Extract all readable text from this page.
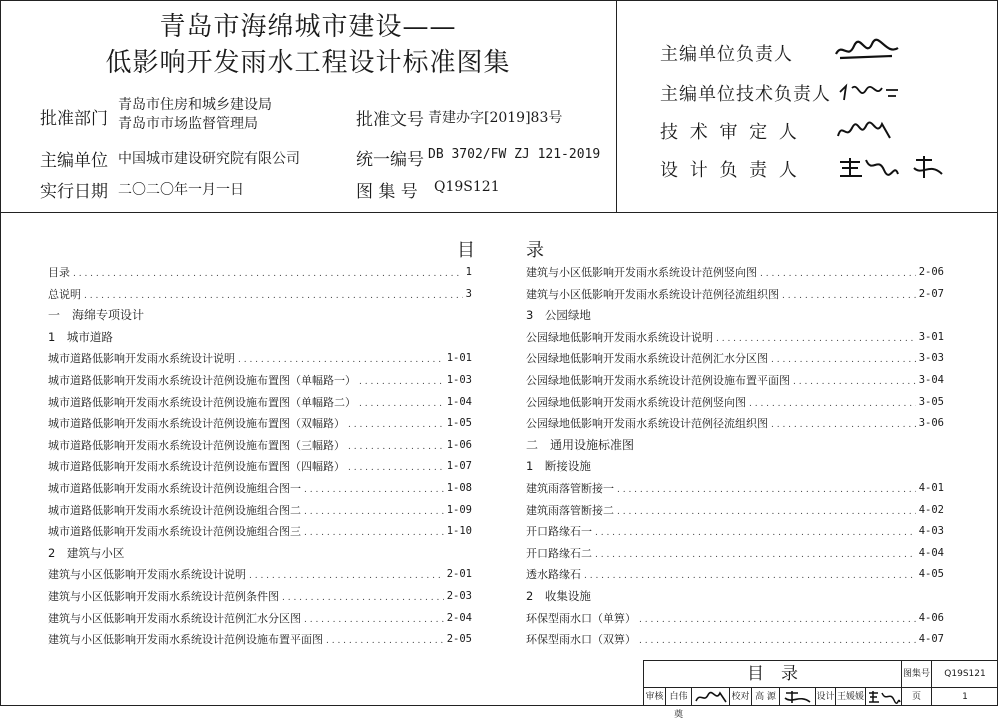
青岛市海绵城市建设——
低影响开发雨水工程设计标准图集
批准部门
青岛市住房和城乡建设局
青岛市市场监督管理局
主编单位 中国城市建设研究院有限公司
实行日期 二〇二〇年一月一日
批准文号 青建办字[2019]83号
统一编号 DB 3702/FW ZJ 121-2019
图 集 号 Q19S121
主编单位负责人
主编单位技术负责人
技 术 审 定 人
设 计 负 责 人
目	录
目录 . . .	1
总说明 . . .	3
一　海绵专项设计
1　城市道路
城市道路低影响开发雨水系统设计说明 . . .	1-01
城市道路低影响开发雨水系统设计范例设施布置图（单幅路一） . . .	1-03
城市道路低影响开发雨水系统设计范例设施布置图（单幅路二） . . .	1-04
城市道路低影响开发雨水系统设计范例设施布置图（双幅路） . . .	1-05
城市道路低影响开发雨水系统设计范例设施布置图（三幅路） . . .	1-06
城市道路低影响开发雨水系统设计范例设施布置图（四幅路） . . .	1-07
城市道路低影响开发雨水系统设计范例设施组合图一 . . .	1-08
城市道路低影响开发雨水系统设计范例设施组合图二 . . .	1-09
城市道路低影响开发雨水系统设计范例设施组合图三 . . .	1-10
2　建筑与小区
建筑与小区低影响开发雨水系统设计说明 . . .	2-01
建筑与小区低影响开发雨水系统设计范例条件图 . . .	2-03
建筑与小区低影响开发雨水系统设计范例汇水分区图 . . .	2-04
建筑与小区低影响开发雨水系统设计范例设施布置平面图 . . .	2-05
建筑与小区低影响开发雨水系统设计范例竖向图 . . .	2-06
建筑与小区低影响开发雨水系统设计范例径流组织图 . . .	2-07
3　公园绿地
公园绿地低影响开发雨水系统设计说明 . . .	3-01
公园绿地低影响开发雨水系统设计范例汇水分区图 . . .	3-03
公园绿地低影响开发雨水系统设计范例设施布置平面图 . . .	3-04
公园绿地低影响开发雨水系统设计范例竖向图 . . .	3-05
公园绿地低影响开发雨水系统设计范例径流组织图 . . .	3-06
二　通用设施标准图
1　断接设施
建筑雨落管断接一 . . .	4-01
建筑雨落管断接二 . . .	4-02
开口路缘石一 . . .	4-03
开口路缘石二 . . .	4-04
透水路缘石 . . .	4-05
2　收集设施
环保型雨水口（单箅） . . .	4-06
环保型雨水口（双箅） . . .	4-07
目　录	图集号	Q19S121
审核 白伟奠
校对 高 源	设计 王媛媛	页	1
